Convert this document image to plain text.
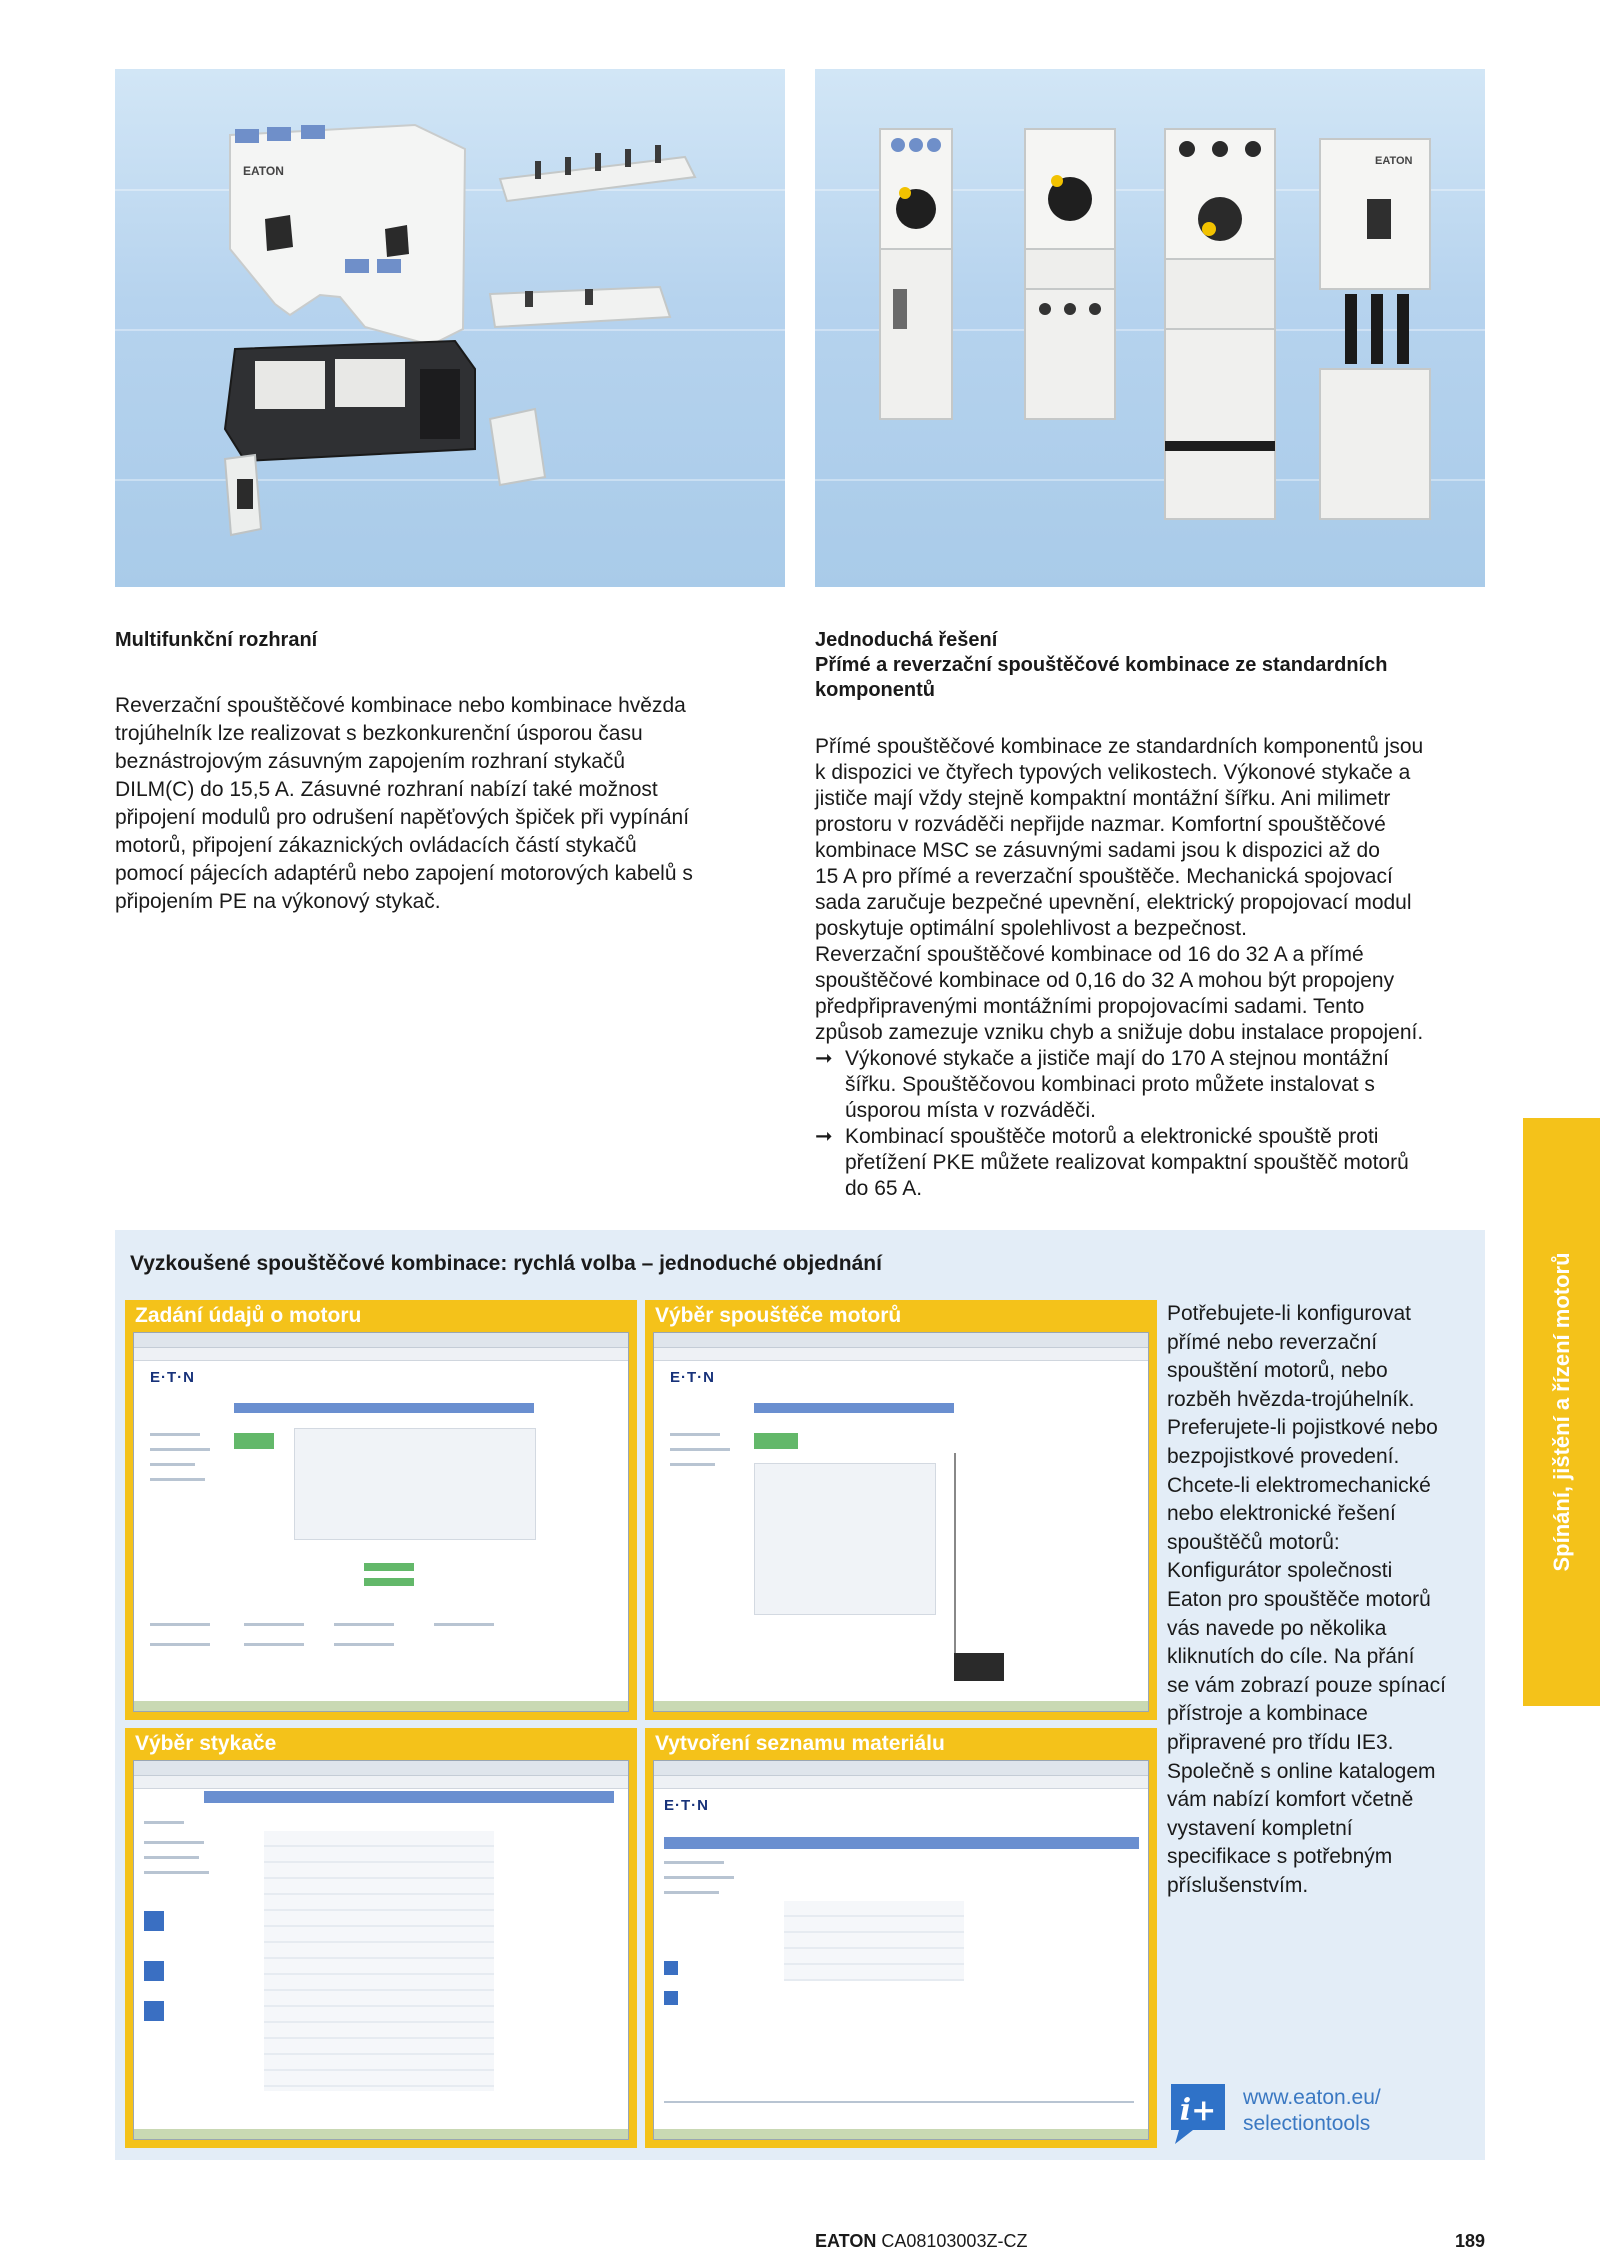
EATON
EATON

Multifunkční rozhraní

Reverzační spouštěčové kombinace nebo kombinace hvězda

trojúhelník lze realizovat s bezkonkurenční úsporou času

beznástrojovým zásuvným zapojením rozhraní stykačů

DILM(C) do 15,5 A. Zásuvné rozhraní nabízí také možnost

připojení modulů pro odrušení napěťových špiček při vypínání

motorů, připojení zákaznických ovládacích částí stykačů

pomocí pájecích adaptérů nebo zapojení motorových kabelů s

připojením PE na výkonový stykač.

Jednoduchá řešení

Přímé a reverzační spouštěčové kombinace ze standardních

komponentů

Přímé spouštěčové kombinace ze standardních komponentů jsou

k dispozici ve čtyřech typových velikostech. Výkonové stykače a

jističe mají vždy stejně kompaktní montážní šířku. Ani milimetr

prostoru v rozváděči nepřijde nazmar. Komfortní spouštěčové

kombinace MSC se zásuvnými sadami jsou k dispozici až do

15 A pro přímé a reverzační spouštěče. Mechanická spojovací

sada zaručuje bezpečné upevnění, elektrický propojovací modul

poskytuje optimální spolehlivost a bezpečnost.

Reverzační spouštěčové kombinace od 16 do 32 A a přímé

spouštěčové kombinace od 0,16 do 32 A mohou být propojeny

předpřipravenými montážními propojovacími sadami. Tento

způsob zamezuje vzniku chyb a snižuje dobu instalace propojení.

➞ Výkonové stykače a jističe mají do 170 A stejnou montážní

šířku. Spouštěčovou kombinaci proto můžete instalovat s

úsporou místa v rozváděči.

➞ Kombinací spouštěče motorů a elektronické spouště proti

přetížení PKE můžete realizovat kompaktní spouštěč motorů

do 65 A.

Spínání, jištění a řízení motorů
Vyzkoušené spouštěčové kombinace: rychlá volba – jednoduché objednání
Zadání údajů o motoru
E·T·N
Výběr spouštěče motorů
E·T·N
Výběr stykače	Vytvoření seznamu materiálu
E·T·N
Potřebujete-li konfigurovat
přímé nebo reverzační
spouštění motorů, nebo
rozběh hvězda-trojúhelník.
Preferujete-li pojistkové nebo
bezpojistkové provedení.
Chcete-li elektromechanické
nebo elektronické řešení
spouštěčů motorů:
Konfigurátor společnosti
Eaton pro spouštěče motorů
vás navede po několika
kliknutích do cíle. Na přání
se vám zobrazí pouze spínací
přístroje a kombinace
připravené pro třídu IE3.
Společně s online katalogem
vám nabízí komfort včetně
vystavení kompletní
specifikace s potřebným
příslušenstvím.
i+ www.eaton.eu/
selectiontools
EATON CA08103003Z-CZ	189
